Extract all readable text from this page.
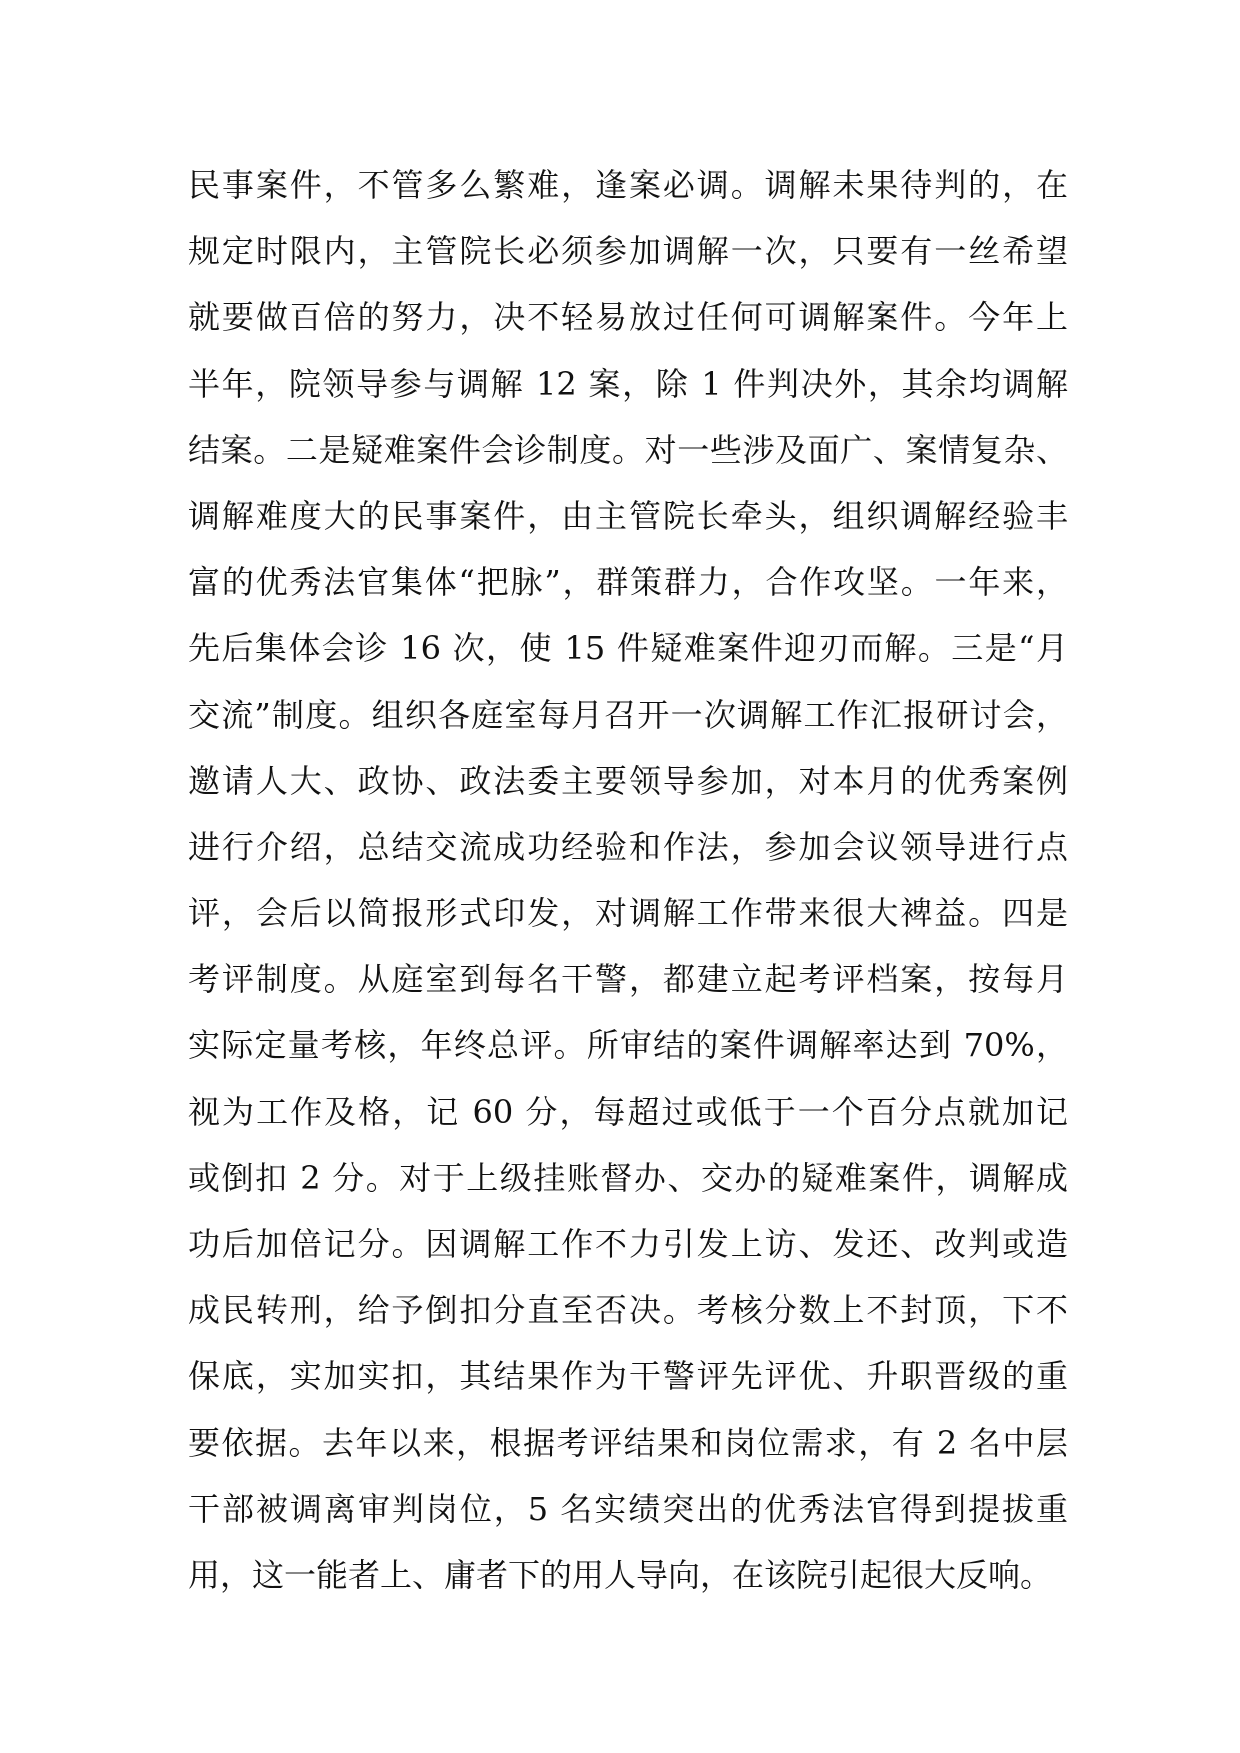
民事案件，不管多么繁难，逢案必调。调解未果待判的，在
规定时限内，主管院长必须参加调解一次，只要有一丝希望
就要做百倍的努力，决不轻易放过任何可调解案件。今年上
半年，院领导参与调解 12 案，除 1 件判决外，其余均调解
结案。二是疑难案件会诊制度。对一些涉及面广、案情复杂、
调解难度大的民事案件，由主管院长牵头，组织调解经验丰
富的优秀法官集体“把脉”，群策群力，合作攻坚。一年来，
先后集体会诊 16 次，使 15 件疑难案件迎刃而解。三是“月
交流”制度。组织各庭室每月召开一次调解工作汇报研讨会，
邀请人大、政协、政法委主要领导参加，对本月的优秀案例
进行介绍，总结交流成功经验和作法，参加会议领导进行点
评，会后以简报形式印发，对调解工作带来很大裨益。四是
考评制度。从庭室到每名干警，都建立起考评档案，按每月
实际定量考核，年终总评。所审结的案件调解率达到 70%，
视为工作及格，记 60 分，每超过或低于一个百分点就加记
或倒扣 2 分。对于上级挂账督办、交办的疑难案件，调解成
功后加倍记分。因调解工作不力引发上访、发还、改判或造
成民转刑，给予倒扣分直至否决。考核分数上不封顶，下不
保底，实加实扣，其结果作为干警评先评优、升职晋级的重
要依据。去年以来，根据考评结果和岗位需求，有 2 名中层
干部被调离审判岗位，5 名实绩突出的优秀法官得到提拔重
用，这一能者上、庸者下的用人导向，在该院引起很大反响。
